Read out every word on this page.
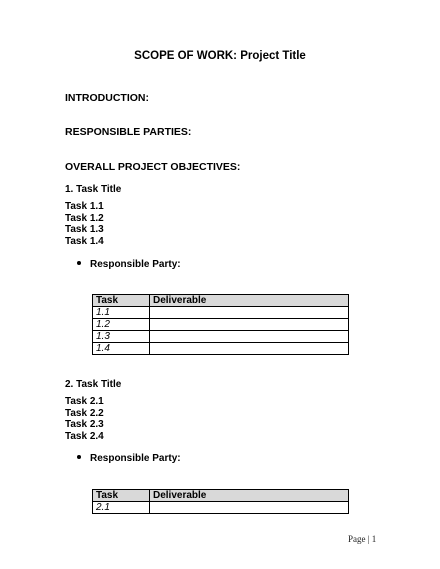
SCOPE OF WORK: Project Title
INTRODUCTION:
RESPONSIBLE PARTIES:
OVERALL PROJECT OBJECTIVES:
1. Task Title
Task 1.1
Task 1.2
Task 1.3
Task 1.4
Responsible Party:
Task	Deliverable
1.1	
1.2	
1.3	
1.4	
2. Task Title
Task 2.1
Task 2.2
Task 2.3
Task 2.4
Responsible Party:
Task	Deliverable
2.1	
Page | 1
